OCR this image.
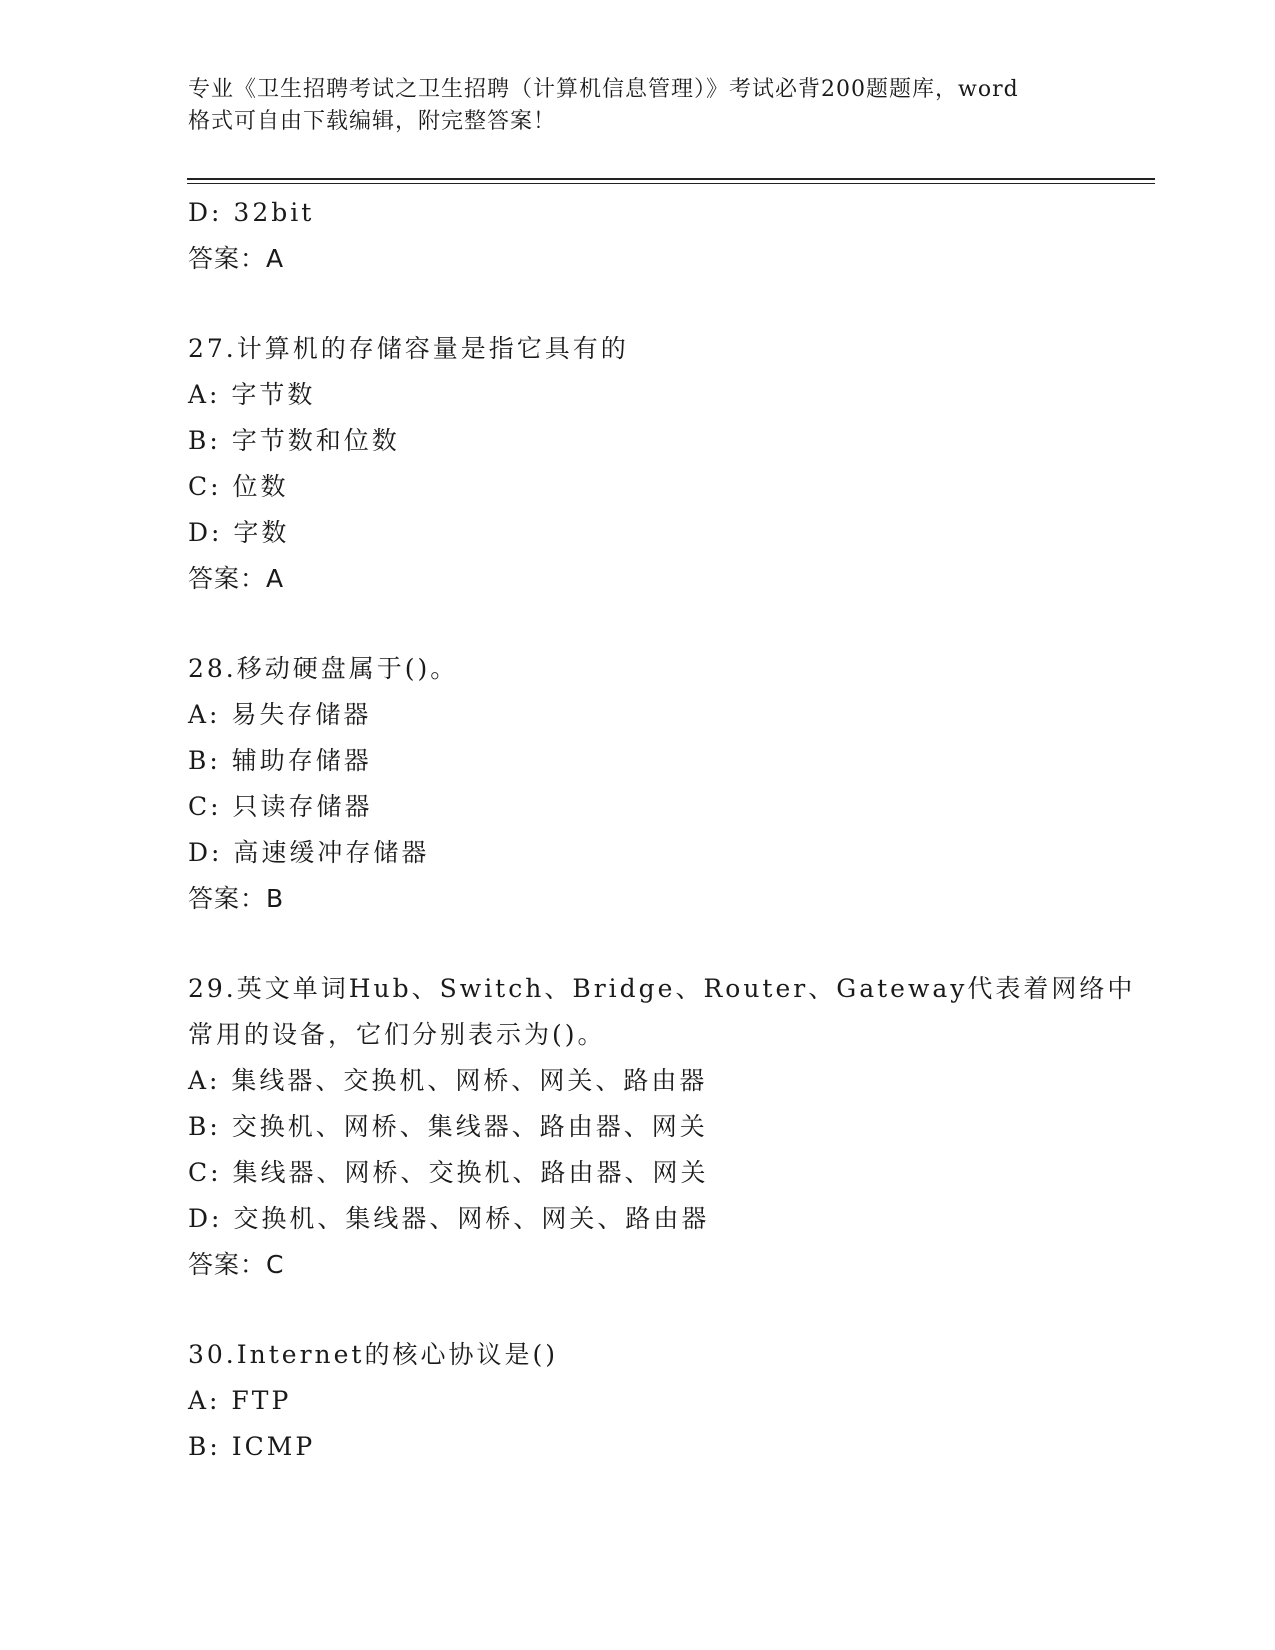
专业《卫生招聘考试之卫生招聘（计算机信息管理）》考试必背200题题库，word
格式可自由下载编辑，附完整答案！
D: 32bit
答案：A
27.计算机的存储容量是指它具有的
A: 字节数
B: 字节数和位数
C: 位数
D: 字数
答案：A
28.移动硬盘属于()。
A: 易失存储器
B: 辅助存储器
C: 只读存储器
D: 高速缓冲存储器
答案：B
29.英文单词Hub、Switch、Bridge、Router、Gateway代表着网络中
常用的设备，它们分别表示为()。
A: 集线器、交换机、网桥、网关、路由器
B: 交换机、网桥、集线器、路由器、网关
C: 集线器、网桥、交换机、路由器、网关
D: 交换机、集线器、网桥、网关、路由器
答案：C
30.Internet的核心协议是()
A: FTP
B: ICMP
